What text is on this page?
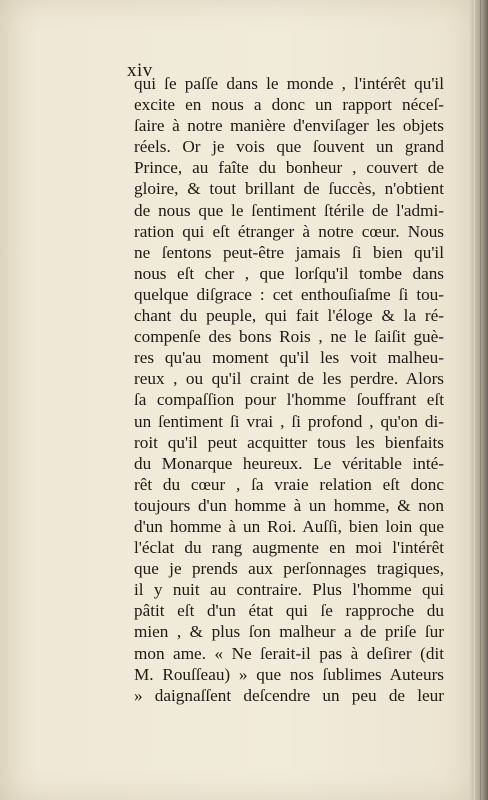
xiv
qui ſe paſſe dans le monde , l'intérêt qu'il
excite en nous a donc un rapport néceſ-
ſaire à notre manière d'enviſager les objets
réels. Or je vois que ſouvent un grand
Prince, au faîte du bonheur , couvert de
gloire, & tout brillant de ſuccès, n'obtient
de nous que le ſentiment ſtérile de l'admi-
ration qui eſt étranger à notre cœur. Nous
ne ſentons peut-être jamais ſi bien qu'il
nous eſt cher , que lorſqu'il tombe dans
quelque diſgrace : cet enthouſiaſme ſi tou-
chant du peuple, qui fait l'éloge & la ré-
compenſe des bons Rois , ne le ſaiſit guè-
res qu'au moment qu'il les voit malheu-
reux , ou qu'il craint de les perdre. Alors
ſa compaſſion pour l'homme ſouffrant eſt
un ſentiment ſi vrai , ſi profond , qu'on di-
roit qu'il peut acquitter tous les bienfaits
du Monarque heureux. Le véritable inté-
rêt du cœur , ſa vraie relation eſt donc
toujours d'un homme à un homme, & non
d'un homme à un Roi. Auſſi, bien loin que
l'éclat du rang augmente en moi l'intérêt
que je prends aux perſonnages tragiques,
il y nuit au contraire. Plus l'homme qui
pâtit eſt d'un état qui ſe rapproche du
mien , & plus ſon malheur a de priſe ſur
mon ame. « Ne ſerait-il pas à deſirer (dit
M. Rouſſeau) » que nos ſublimes Auteurs
» daignaſſent deſcendre un peu de leur
